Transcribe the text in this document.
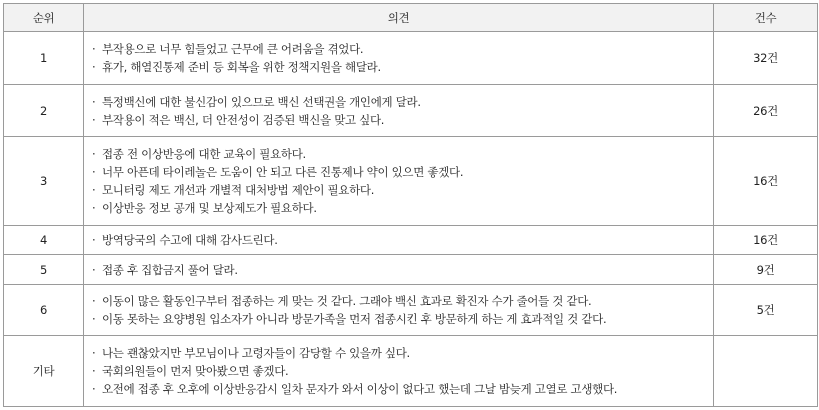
순위	의견	건수
1	· 부작용으로 너무 힘들었고 근무에 큰 어려움을 겪었다.
· 휴가, 해열진통제 준비 등 회복을 위한 정책지원을 해달라.	32건
2	· 특정백신에 대한 불신감이 있으므로 백신 선택권을 개인에게 달라.
· 부작용이 적은 백신, 더 안전성이 검증된 백신을 맞고 싶다.	26건
3	· 접종 전 이상반응에 대한 교육이 필요하다.
· 너무 아픈데 타이레놀은 도움이 안 되고 다른 진통제나 약이 있으면 좋겠다.
· 모니터링 제도 개선과 개별적 대처방법 제안이 필요하다.
· 이상반응 정보 공개 및 보상제도가 필요하다.	16건
4	· 방역당국의 수고에 대해 감사드린다.	16건
5	· 접종 후 집합금지 풀어 달라.	9건
6	· 이동이 많은 활동인구부터 접종하는 게 맞는 것 같다. 그래야 백신 효과로 확진자 수가 줄어들 것 같다.
· 이동 못하는 요양병원 입소자가 아니라 방문가족을 먼저 접종시킨 후 방문하게 하는 게 효과적일 것 같다.	5건
기타	· 나는 괜찮았지만 부모님이나 고령자들이 감당할 수 있을까 싶다.
· 국회의원들이 먼저 맞아봤으면 좋겠다.
· 오전에 접종 후 오후에 이상반응감시 일차 문자가 와서 이상이 없다고 했는데 그날 밤늦게 고열로 고생했다.	
